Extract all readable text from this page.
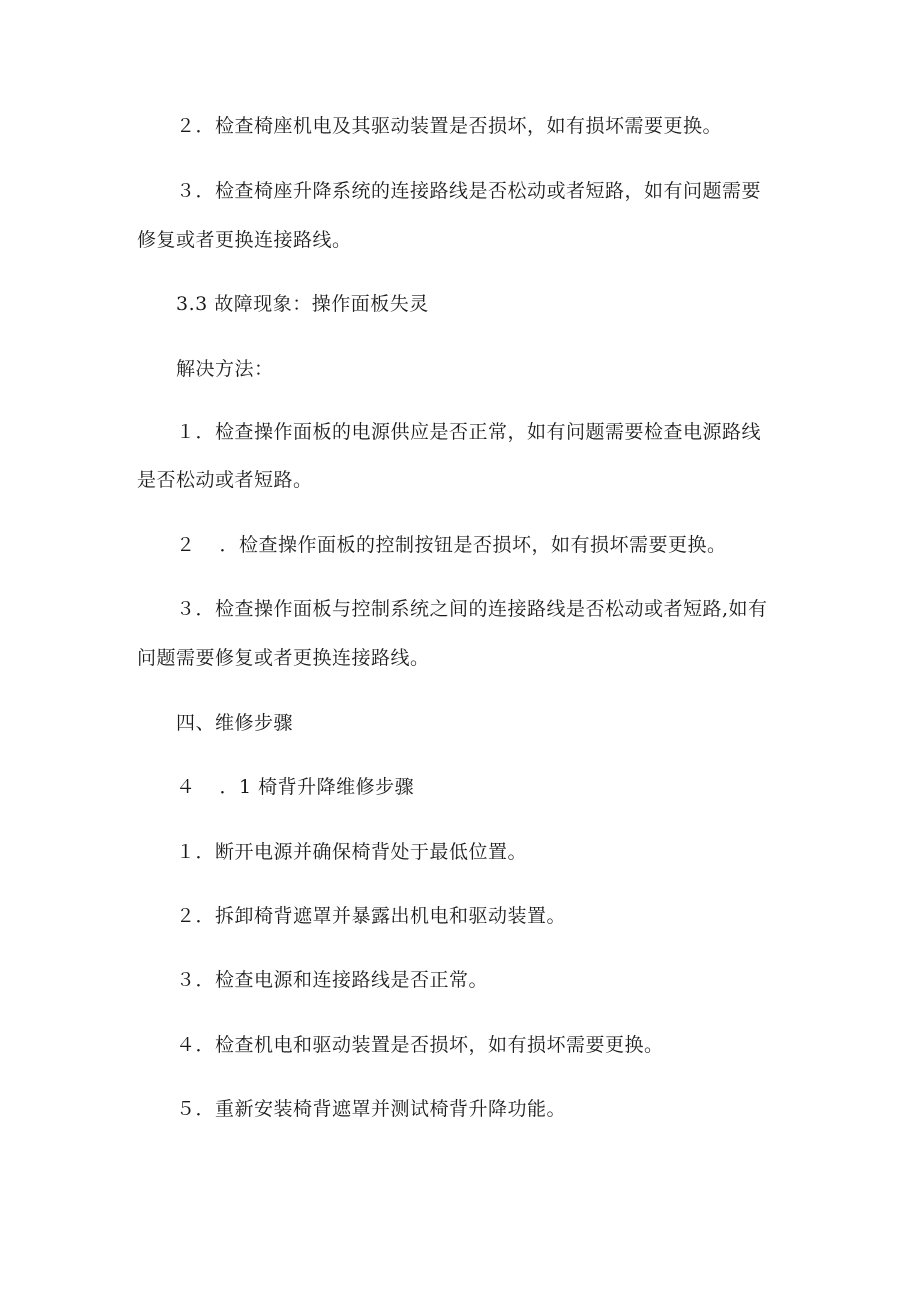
２．检查椅座机电及其驱动装置是否损坏，如有损坏需要更换。
３．检查椅座升降系统的连接路线是否松动或者短路，如有问题需要
修复或者更换连接路线。
3.3 故障现象：操作面板失灵
解决方法：
１．检查操作面板的电源供应是否正常，如有问题需要检查电源路线
是否松动或者短路。
２ ．检查操作面板的控制按钮是否损坏，如有损坏需要更换。
３．检查操作面板与控制系统之间的连接路线是否松动或者短路,如有
问题需要修复或者更换连接路线。
四、维修步骤
４ ．1 椅背升降维修步骤
１．断开电源并确保椅背处于最低位置。
２．拆卸椅背遮罩并暴露出机电和驱动装置。
３．检查电源和连接路线是否正常。
４．检查机电和驱动装置是否损坏，如有损坏需要更换。
５．重新安装椅背遮罩并测试椅背升降功能。
